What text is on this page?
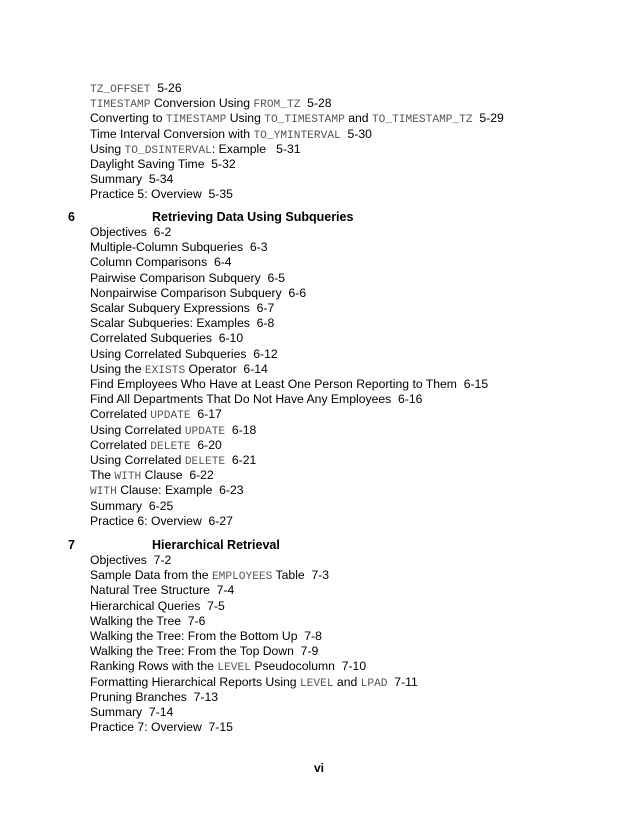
TZ_OFFSET  5-26
TIMESTAMP Conversion Using FROM_TZ  5-28
Converting to TIMESTAMP Using TO_TIMESTAMP and TO_TIMESTAMP_TZ  5-29
Time Interval Conversion with TO_YMINTERVAL  5-30
Using TO_DSINTERVAL: Example   5-31
Daylight Saving Time  5-32
Summary  5-34
Practice 5: Overview  5-35
6	Retrieving Data Using Subqueries
Objectives  6-2
Multiple-Column Subqueries  6-3
Column Comparisons  6-4
Pairwise Comparison Subquery  6-5
Nonpairwise Comparison Subquery  6-6
Scalar Subquery Expressions  6-7
Scalar Subqueries: Examples  6-8
Correlated Subqueries  6-10
Using Correlated Subqueries  6-12
Using the EXISTS Operator  6-14
Find Employees Who Have at Least One Person Reporting to Them  6-15
Find All Departments That Do Not Have Any Employees  6-16
Correlated UPDATE  6-17
Using Correlated UPDATE  6-18
Correlated DELETE  6-20
Using Correlated DELETE  6-21
The WITH Clause  6-22
WITH Clause: Example  6-23
Summary  6-25
Practice 6: Overview  6-27
7	Hierarchical Retrieval
Objectives  7-2
Sample Data from the EMPLOYEES Table  7-3
Natural Tree Structure  7-4
Hierarchical Queries  7-5
Walking the Tree  7-6
Walking the Tree: From the Bottom Up  7-8
Walking the Tree: From the Top Down  7-9
Ranking Rows with the LEVEL Pseudocolumn  7-10
Formatting Hierarchical Reports Using LEVEL and LPAD  7-11
Pruning Branches  7-13
Summary  7-14
Practice 7: Overview  7-15
vi
